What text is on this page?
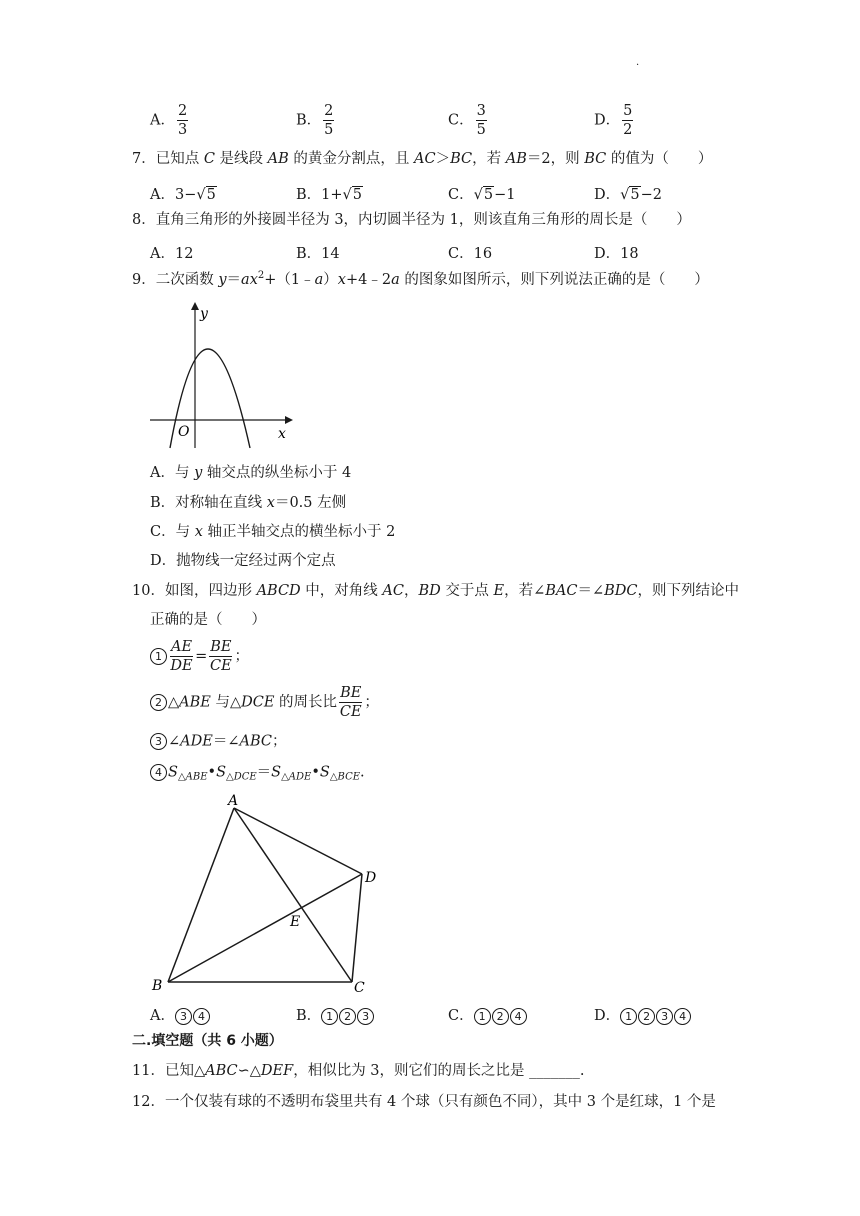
.
A． $\frac{2}{3}$	B． $\frac{2}{5}$	C． $\frac{3}{5}$	D． $\frac{5}{2}$
7．已知点 C 是线段 AB 的黄金分割点，且 AC＞BC，若 AB＝2，则 BC 的值为（　　）
A．3−√5	B．1+√5	C．√5−1	D．√5−2
8．直角三角形的外接圆半径为 3，内切圆半径为 1，则该直角三角形的周长是（　　）
A．12	B．14	C．16	D．18
9．二次函数 $y=ax^2+(1﹣a)x+4﹣2a$ 的图象如图所示，则下列说法正确的是（　　）
y
x
O
A．与 y 轴交点的纵坐标小于 4
B．对称轴在直线 x＝0.5 左侧
C．与 x 轴正半轴交点的横坐标小于 2
D．抛物线一定经过两个定点
10．如图，四边形 ABCD 中，对角线 AC，BD 交于点 E，若∠BAC＝∠BDC，则下列结论中
正确的是（　　）
$1 \frac{AE}{DE} = \frac{BE}{CE}$ ；
2 △ABE 与△DCE 的周长比 $\frac{BE}{CE}$ ；
3 ∠ADE＝∠ABC；
4 $S_{\triangle ABE}•S_{\triangle DCE}=S_{\triangle ADE}•S_{\triangle BCE}$.
A
B	C
D
E
A． 3 4	B． 1 2 3	C． 1 2 4	D． 1 2 3 4
二.填空题（共 6 小题）
11．已知△ABC∽△DEF，相似比为 3，则它们的周长之比是 _______.
12．一个仅装有球的不透明布袋里共有 4 个球（只有颜色不同），其中 3 个是红球，1 个是
